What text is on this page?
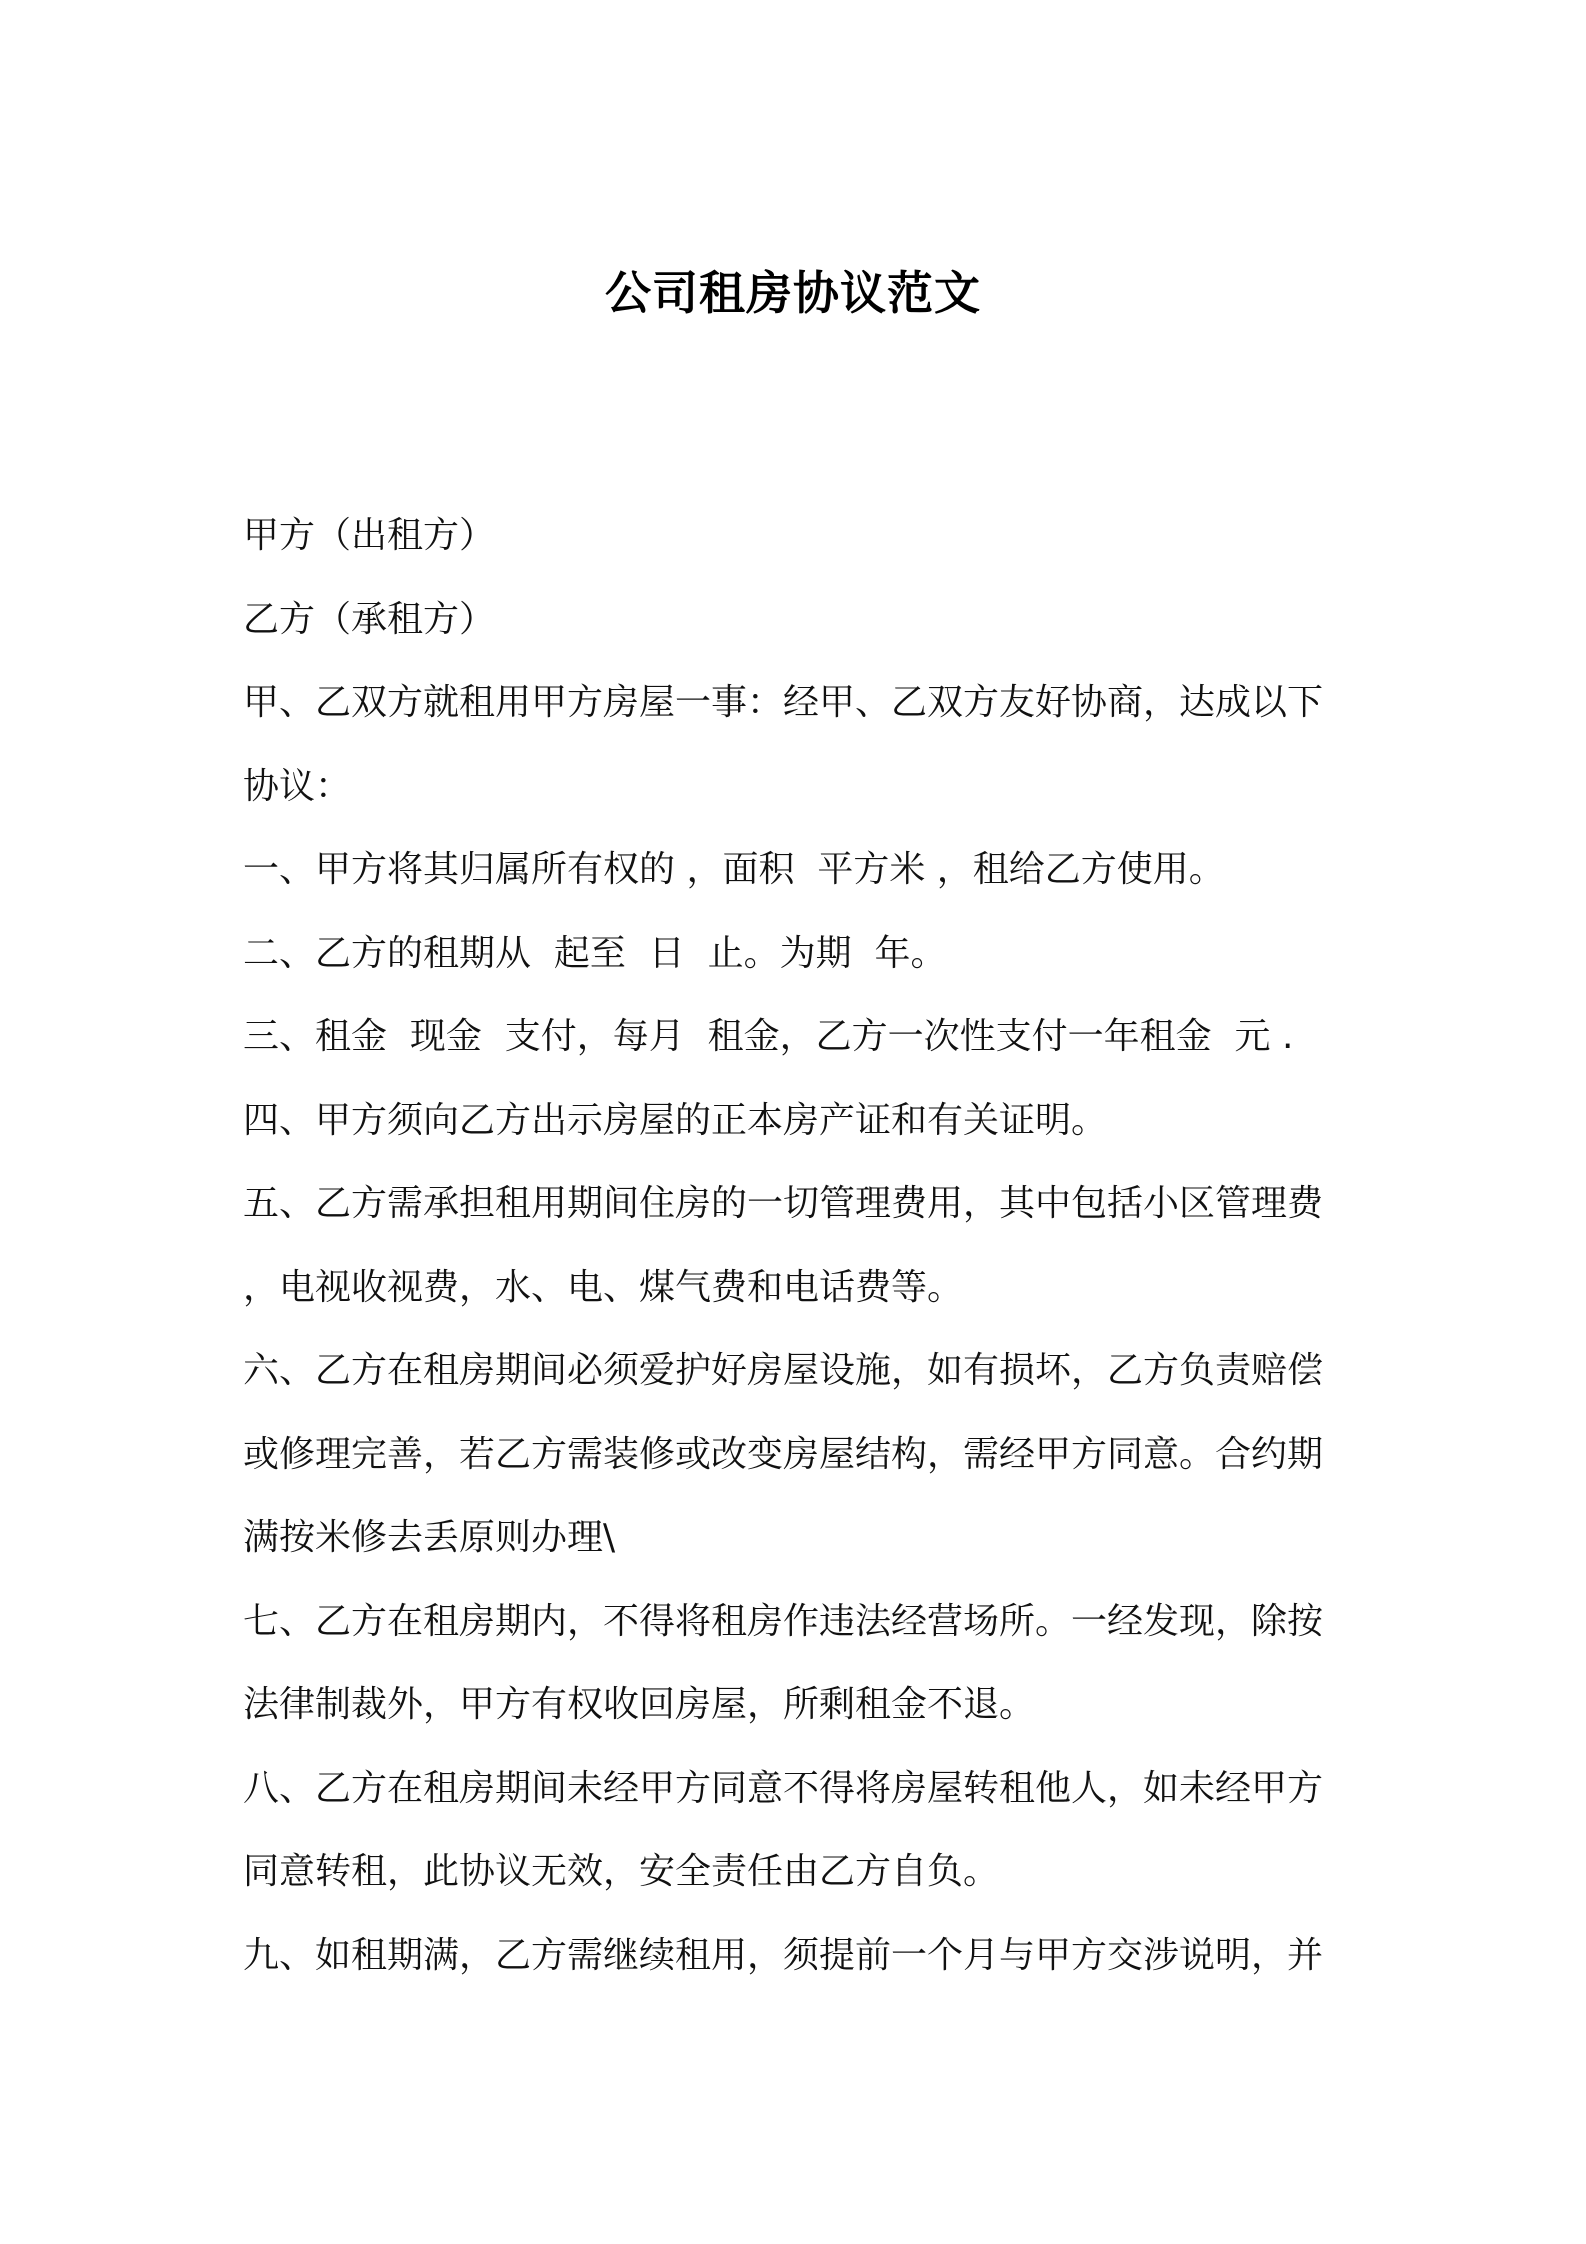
公司租房协议范文
甲方（出租方）
乙方（承租方）
甲、乙双方就租用甲方房屋一事：经甲、乙双方友好协商，达成以下
协议：
一、甲方将其归属所有权的 ，面积  平方米 ，租给乙方使用。
二、乙方的租期从  起至  日  止。为期  年。
三、租金  现金  支付，每月  租金，乙方一次性支付一年租金  元 .
四、甲方须向乙方出示房屋的正本房产证和有关证明。
五、乙方需承担租用期间住房的一切管理费用，其中包括小区管理费
，电视收视费，水、电、煤气费和电话费等。
六、乙方在租房期间必须爱护好房屋设施，如有损坏，乙方负责赔偿
或修理完善，若乙方需装修或改变房屋结构，需经甲方同意。合约期
满按米修去丢原则办理\
七、乙方在租房期内，不得将租房作违法经营场所。一经发现，除按
法律制裁外，甲方有权收回房屋，所剩租金不退。
八、乙方在租房期间未经甲方同意不得将房屋转租他人，如未经甲方
同意转租，此协议无效，安全责任由乙方自负。
九、如租期满，乙方需继续租用，须提前一个月与甲方交涉说明，并
